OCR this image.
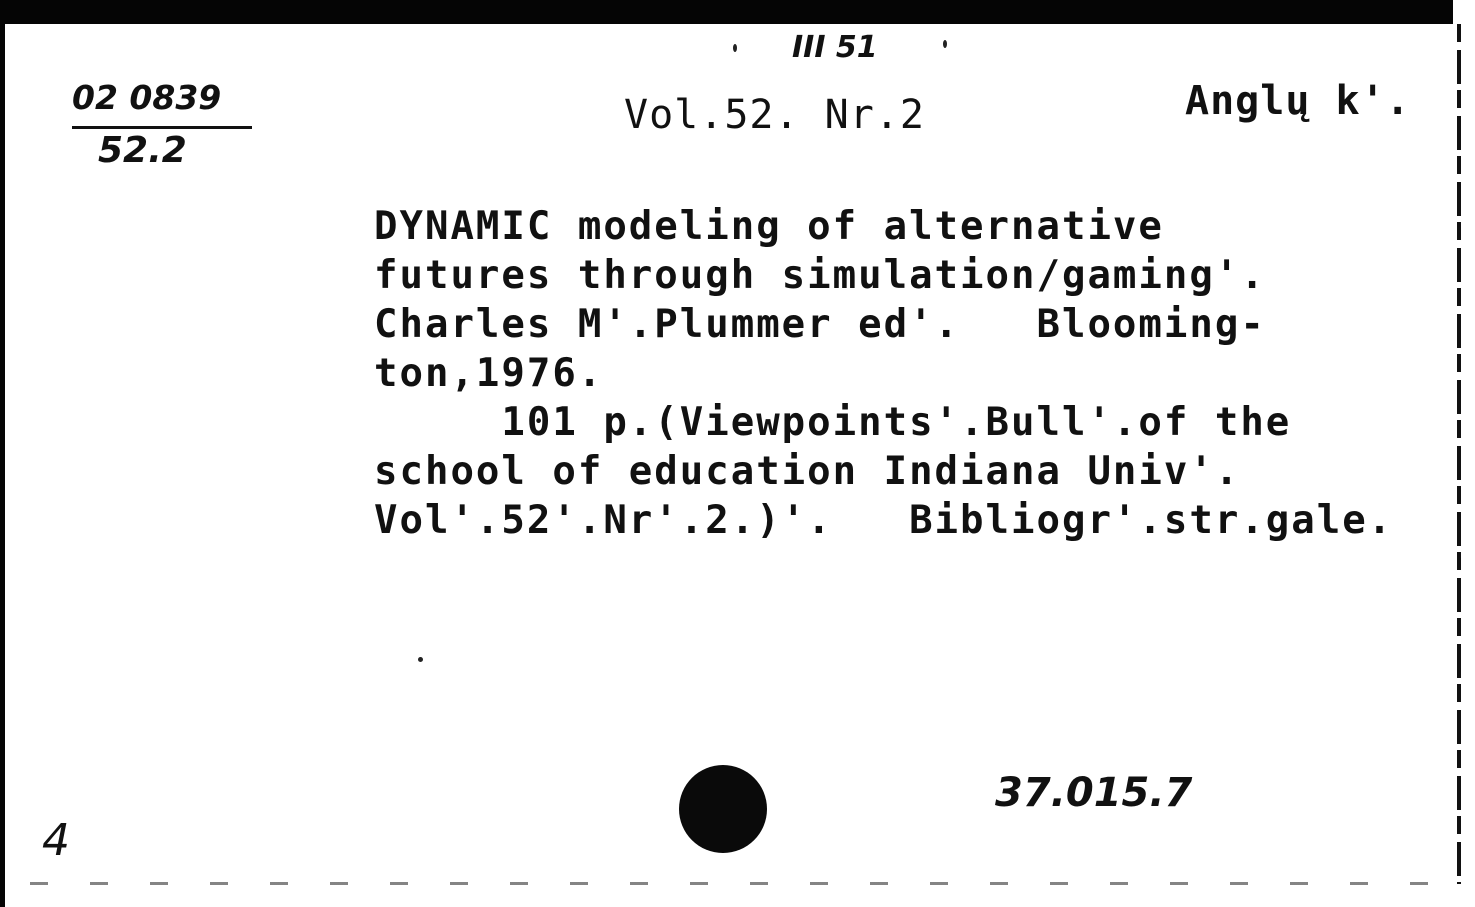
02 0839
52.2
III 51
Vol.52. Nr.2	Anglų k'.
DYNAMIC modeling of alternative
futures through simulation/gaming'.
Charles M'.Plummer ed'.   Blooming-
ton,1976.
101 p.(Viewpoints'.Bull'.of the
school of education Indiana Univ'.
Vol'.52'.Nr'.2.)'.   Bibliogr'.str.gale.
37.015.7
4
